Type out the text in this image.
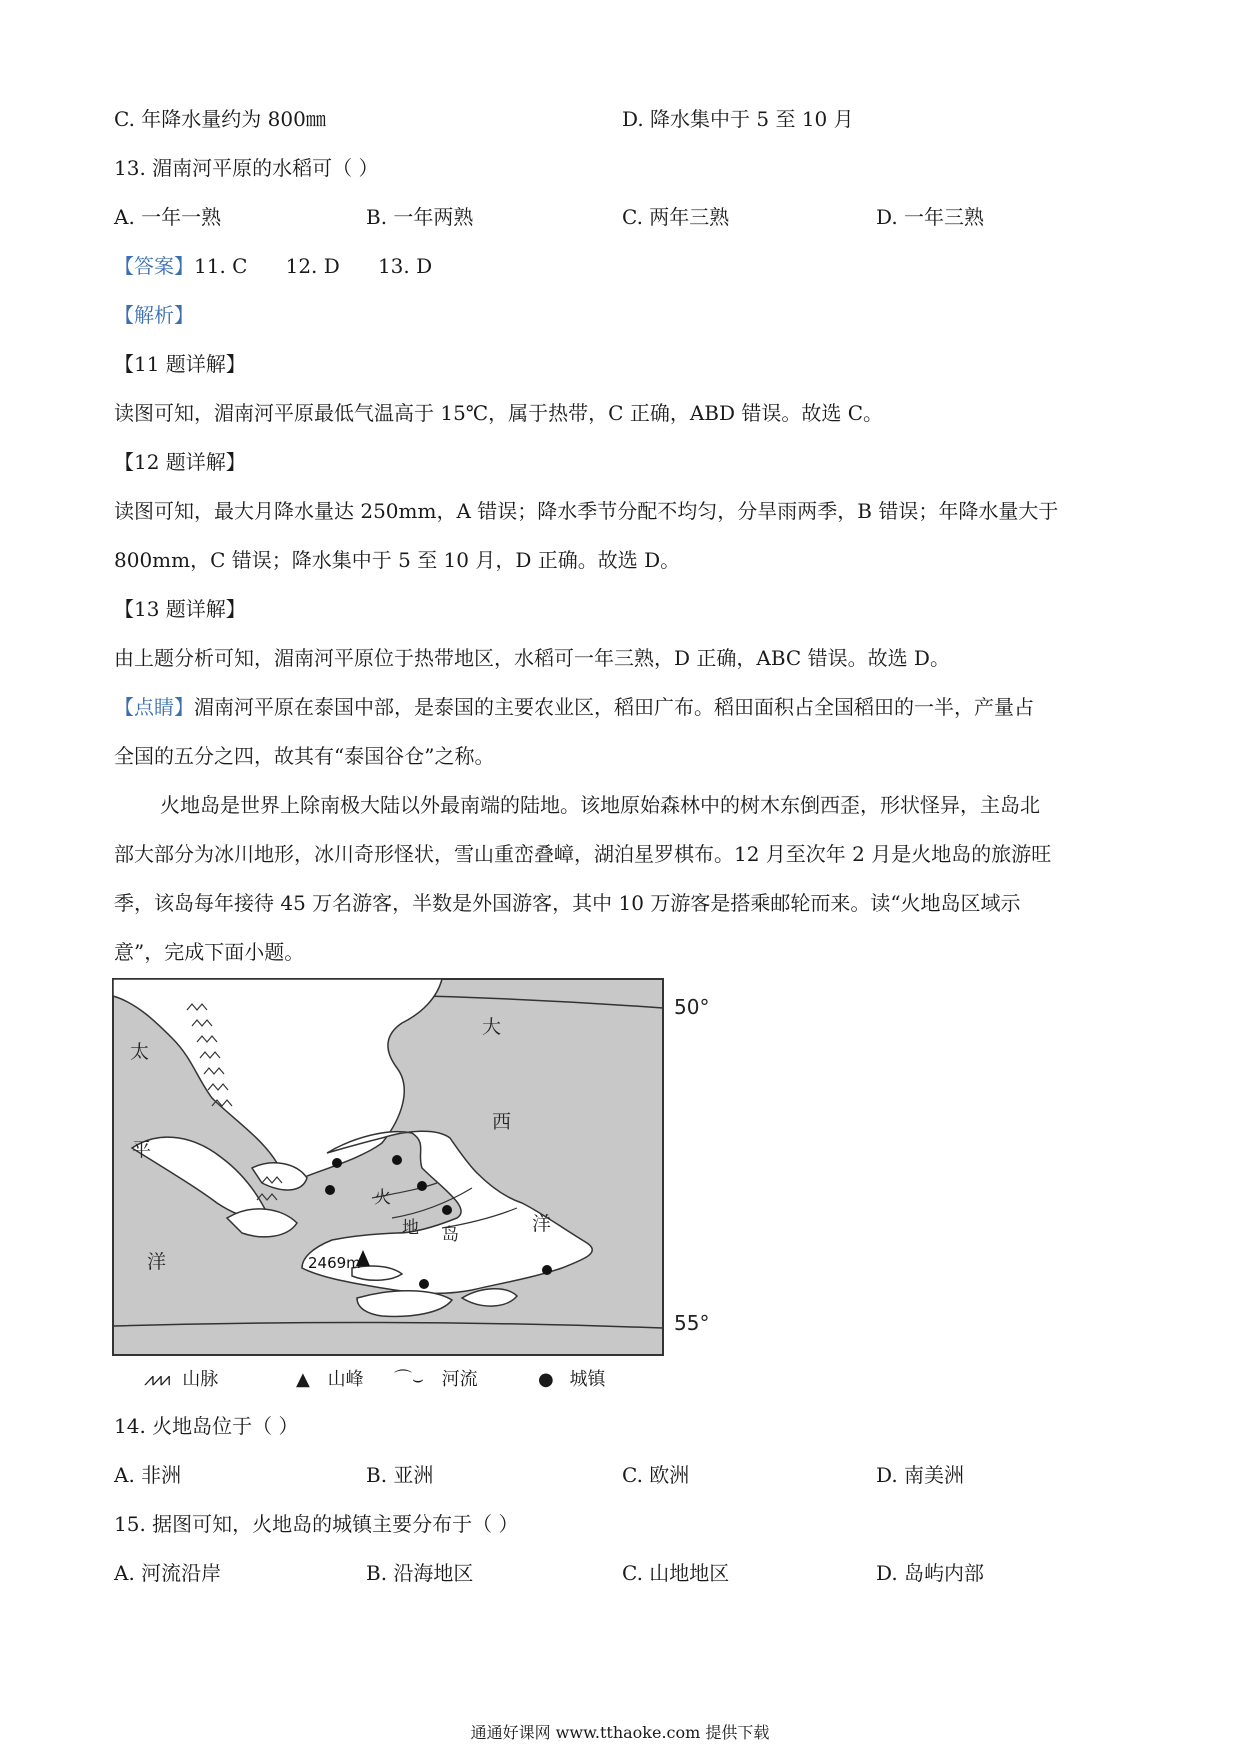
C. 年降水量约为 800㎜	D. 降水集中于 5 至 10 月
13. 湄南河平原的水稻可（ ）
A. 一年一熟	B. 一年两熟	C. 两年三熟	D. 一年三熟
【答案】11. C      12. D      13. D
【解析】
【11 题详解】
读图可知，湄南河平原最低气温高于 15℃，属于热带，C 正确，ABD 错误。故选 C。
【12 题详解】
读图可知，最大月降水量达 250mm，A 错误；降水季节分配不均匀，分旱雨两季，B 错误；年降水量大于
800mm，C 错误；降水集中于 5 至 10 月，D 正确。故选 D。
【13 题详解】
由上题分析可知，湄南河平原位于热带地区，水稻可一年三熟，D 正确，ABC 错误。故选 D。
【点睛】湄南河平原在泰国中部，是泰国的主要农业区，稻田广布。稻田面积占全国稻田的一半，产量占
全国的五分之四，故其有“泰国谷仓”之称。
火地岛是世界上除南极大陆以外最南端的陆地。该地原始森林中的树木东倒西歪，形状怪异，主岛北
部大部分为冰川地形，冰川奇形怪状，雪山重峦叠嶂，湖泊星罗棋布。12 月至次年 2 月是火地岛的旅游旺
季，该岛每年接待 45 万名游客，半数是外国游客，其中 10 万游客是搭乘邮轮而来。读“火地岛区域示
意”，完成下面小题。
2469m
太
平
洋
大
西
洋
火
地 岛
50°
55°
⩘⩘⩘ 山脉	▲ 山峰 ⌒⌣ 河流	● 城镇
14. 火地岛位于（ ）
A. 非洲	B. 亚洲	C. 欧洲	D. 南美洲
15. 据图可知，火地岛的城镇主要分布于（ ）
A. 河流沿岸	B. 沿海地区	C. 山地地区	D. 岛屿内部
通通好课网 www.tthaoke.com 提供下载
